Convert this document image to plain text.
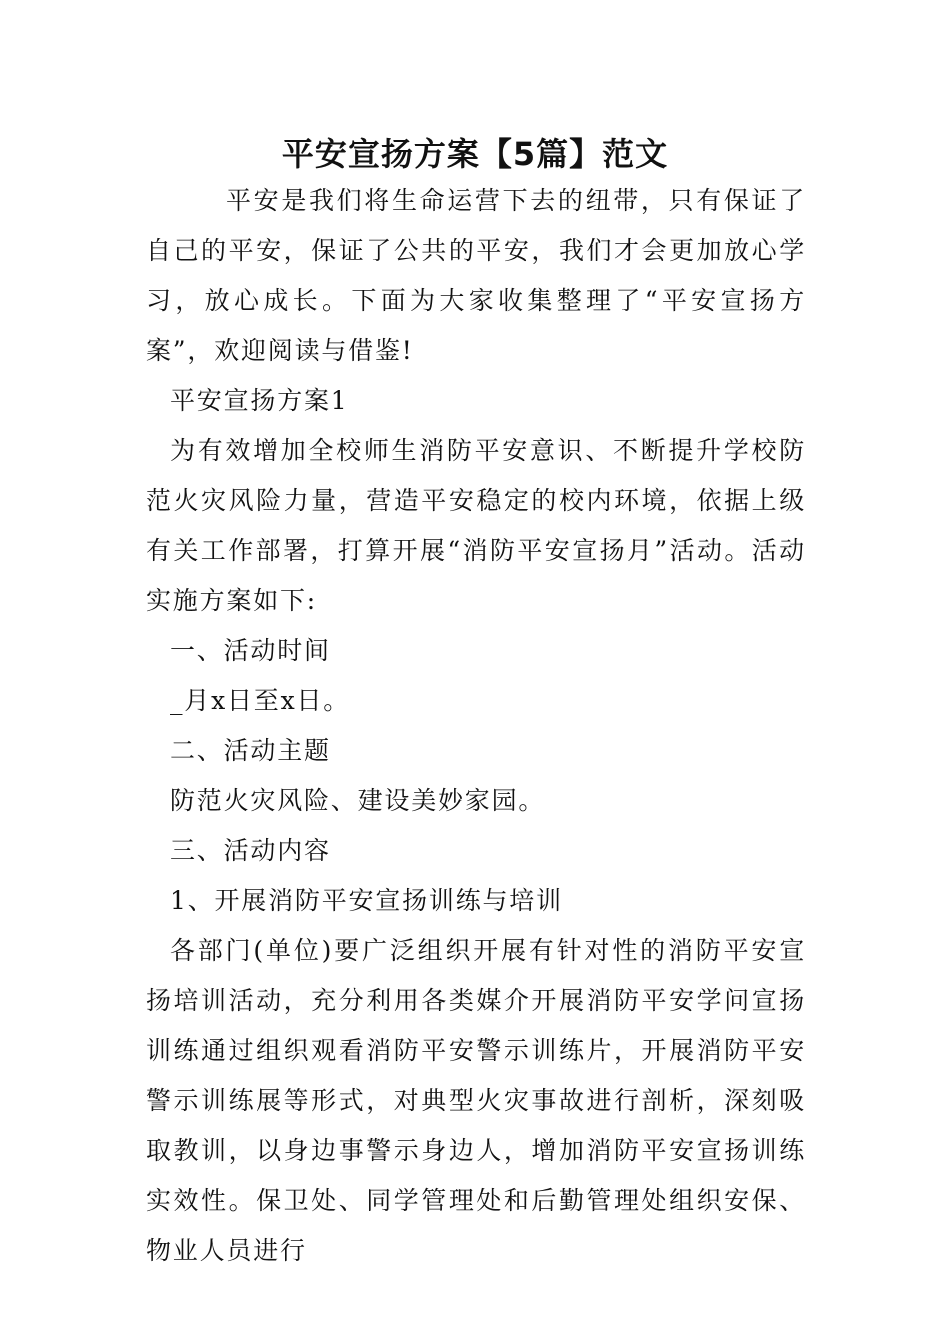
平安宣扬方案【5篇】范文

平安是我们将生命运营下去的纽带，只有保证了自己的平安，保证了公共的平安，我们才会更加放心学习，放心成长。下面为大家收集整理了“平安宣扬方案”，欢迎阅读与借鉴!

平安宣扬方案1

为有效增加全校师生消防平安意识、不断提升学校防范火灾风险力量，营造平安稳定的校内环境，依据上级有关工作部署，打算开展“消防平安宣扬月”活动。活动实施方案如下:

一、活动时间

_月x日至x日。

二、活动主题

防范火灾风险、建设美妙家园。

三、活动内容

1、开展消防平安宣扬训练与培训

各部门(单位)要广泛组织开展有针对性的消防平安宣扬培训活动，充分利用各类媒介开展消防平安学问宣扬训练通过组织观看消防平安警示训练片，开展消防平安警示训练展等形式，对典型火灾事故进行剖析，深刻吸取教训，以身边事警示身边人，增加消防平安宣扬训练实效性。保卫处、同学管理处和后勤管理处组织安保、物业人员进行
